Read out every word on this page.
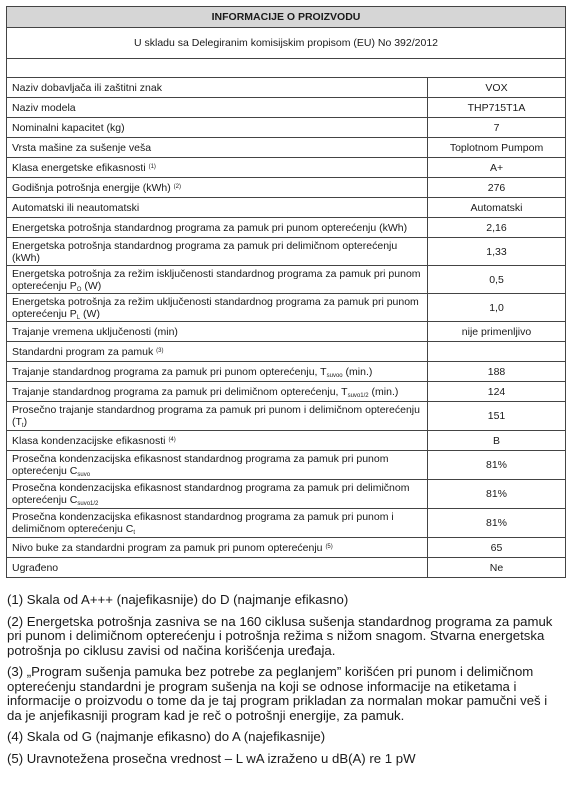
INFORMACIJE O PROIZVODU	
U skladu sa Delegiranim komisijskim propisom (EU) No 392/2012	

Naziv dobavljača ili zaštitni znak	VOX
Naziv modela	THP715T1A
Nominalni kapacitet (kg)	7
Vrsta mašine za sušenje veša	Toplotnom Pumpom
Klasa energetske efikasnosti $^{(1)}$	A+
Godišnja potrošnja energije (kWh) $^{(2)}$	276
Automatski ili neautomatski	Automatski
Energetska potrošnja standardnog programa za pamuk pri punom opterećenju (kWh)	2,16
Energetska potrošnja standardnog programa za pamuk pri delimičnom opterećenju (kWh)	1,33
Energetska potrošnja za režim isključenosti standardnog programa za pamuk pri punom opterećenju $P_O$ (W)	0,5
Energetska potrošnja za režim uključenosti standardnog programa za pamuk pri punom opterećenju $P_L$ (W)	1,0
Trajanje vremena uključenosti (min)	nije primenljivo
Standardni program za pamuk $^{(3)}$	
Trajanje standardnog programa za pamuk pri punom opterećenju, $T_{suvoo}$ (min.)	188
Trajanje standardnog programa za pamuk pri delimičnom opterećenju, $T_{suvo1/2}$ (min.)	124
Prosečno trajanje standardnog programa za pamuk pri punom i delimičnom opterećenju $(T_t)$	151
Klasa kondenzacijske efikasnosti $^{(4)}$	B
Prosečna kondenzacijska efikasnost standardnog programa za pamuk pri punom opterećenju $C_{suvo}$	81%
Prosečna kondenzacijska efikasnost standardnog programa za pamuk pri delimičnom opterećenju $C_{suvo1/2}$	81%
Prosečna kondenzacijska efikasnost standardnog programa za pamuk pri punom i delimičnom opterećenju $C_t$	81%
Nivo buke za standardni program za pamuk pri punom opterećenju $^{(5)}$	65
Ugrađeno	Ne

(1) Skala od A+++ (najefikasnije) do D (najmanje efikasno)

(2) Energetska potrošnja zasniva se na 160 ciklusa sušenja standardnog programa za pamuk pri punom i delimičnom opterećenju i potrošnja režima s nižom snagom. Stvarna energetska potrošnja po ciklusu zavisi od načina korišćenja uređaja.

(3) „Program sušenja pamuka bez potrebe za peglanjem” korišćen pri punom i delimičnom opterećenju standardni je program sušenja na koji se odnose informacije na etiketama i informacije o proizvodu o tome da je taj program prikladan za normalan mokar pamučni veš i da je anjefikasniji program kad je reč o potrošnji energije, za pamuk.

(4) Skala od G (najmanje efikasno) do A (najefikasnije)

(5) Uravnotežena prosečna vrednost – L wA izraženo u dB(A) re 1 pW
